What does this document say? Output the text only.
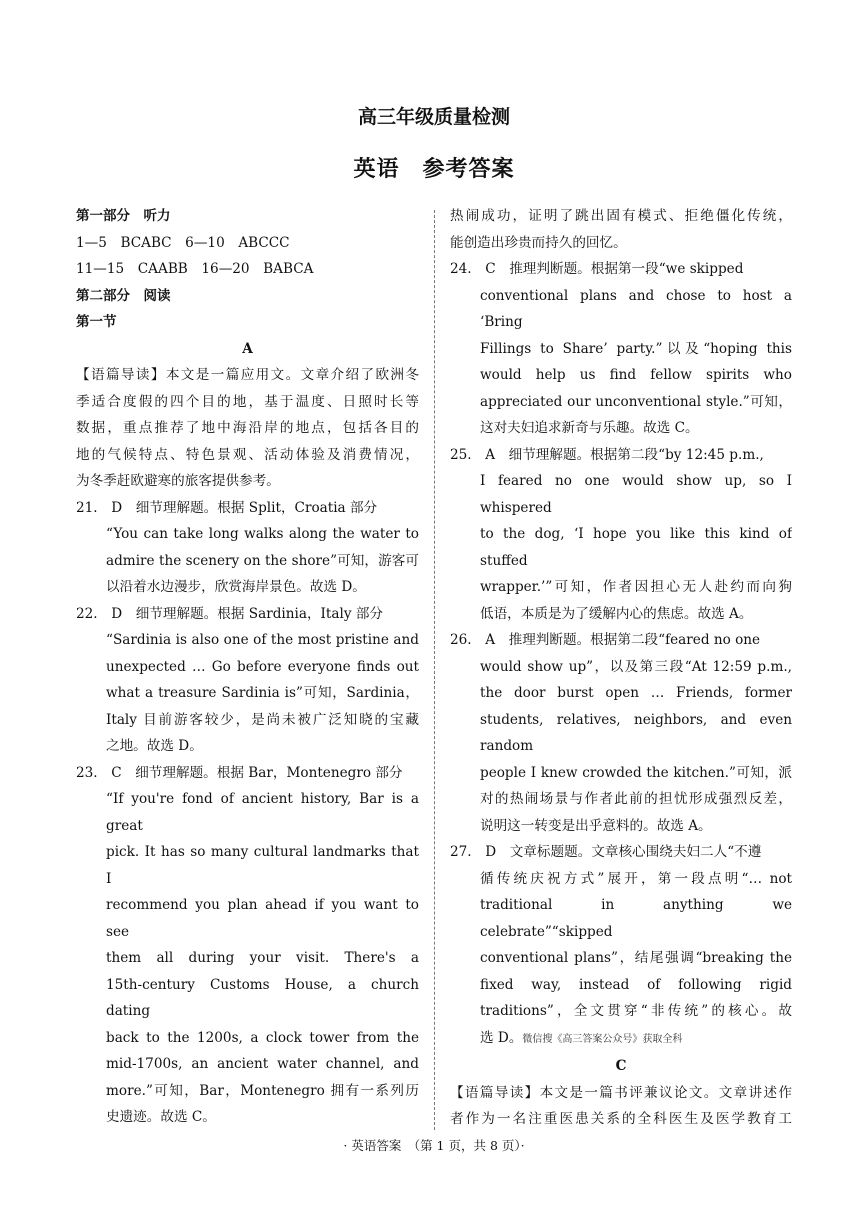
高三年级质量检测
英语　参考答案
第一部分　听力
1—5　BCABC　6—10　ABCCC
11—15　CAABB　16—20　BABCA
第二部分　阅读
第一节
A
【语篇导读】本文是一篇应用文。文章介绍了欧洲冬
季适合度假的四个目的地，基于温度、日照时长等
数据，重点推荐了地中海沿岸的地点，包括各目的
地的气候特点、特色景观、活动体验及消费情况，
为冬季赶欧避寒的旅客提供参考。
21.　D　细节理解题。根据 Split，Croatia 部分
“You can take long walks along the water to
admire the scenery on the shore”可知，游客可
以沿着水边漫步，欣赏海岸景色。故选 D。
22.　D　细节理解题。根据 Sardinia，Italy 部分
“Sardinia is also one of the most pristine and
unexpected … Go before everyone finds out
what a treasure Sardinia is”可知，Sardinia，
Italy 目前游客较少，是尚未被广泛知晓的宝藏
之地。故选 D。
23.　C　细节理解题。根据 Bar，Montenegro 部分
“If you're fond of ancient history, Bar is a great
pick. It has so many cultural landmarks that I
recommend you plan ahead if you want to see
them all during your visit. There's a
15th-century Customs House, a church dating
back to the 1200s, a clock tower from the
mid-1700s, an ancient water channel, and
more.”可知，Bar，Montenegro 拥有一系列历
史遗迹。故选 C。
热闹成功，证明了跳出固有模式、拒绝僵化传统，
能创造出珍贵而持久的回忆。
24.　C　推理判断题。根据第一段“we skipped
conventional plans and chose to host a ‘Bring
Fillings to Share’ party.”以及“hoping this
would help us find fellow spirits who
appreciated our unconventional style.”可知，
这对夫妇追求新奇与乐趣。故选 C。
25.　A　细节理解题。根据第二段“by 12:45 p.m.,
I feared no one would show up, so I whispered
to the dog, ‘I hope you like this kind of stuffed
wrapper.’”可知，作者因担心无人赴约而向狗
低语，本质是为了缓解内心的焦虑。故选 A。
26.　A　推理判断题。根据第二段“feared no one
would show up”，以及第三段“At 12:59 p.m.,
the door burst open … Friends, former
students, relatives, neighbors, and even random
people I knew crowded the kitchen.”可知，派
对的热闹场景与作者此前的担忧形成强烈反差，
说明这一转变是出乎意料的。故选 A。
27.　D　文章标题题。文章核心围绕夫妇二人“不遵
循传统庆祝方式”展开，第一段点明“… not
traditional in anything we celebrate”“skipped
conventional plans”，结尾强调“breaking the
fixed way, instead of following rigid
traditions”，全文贯穿“非传统”的核心。故
选 D。微信搜《高三答案公众号》获取全科
C
【语篇导读】本文是一篇书评兼议论文。文章讲述作
者作为一名注重医患关系的全科医生及医学教育工
· 英语答案　（第 1 页，共 8 页）·
